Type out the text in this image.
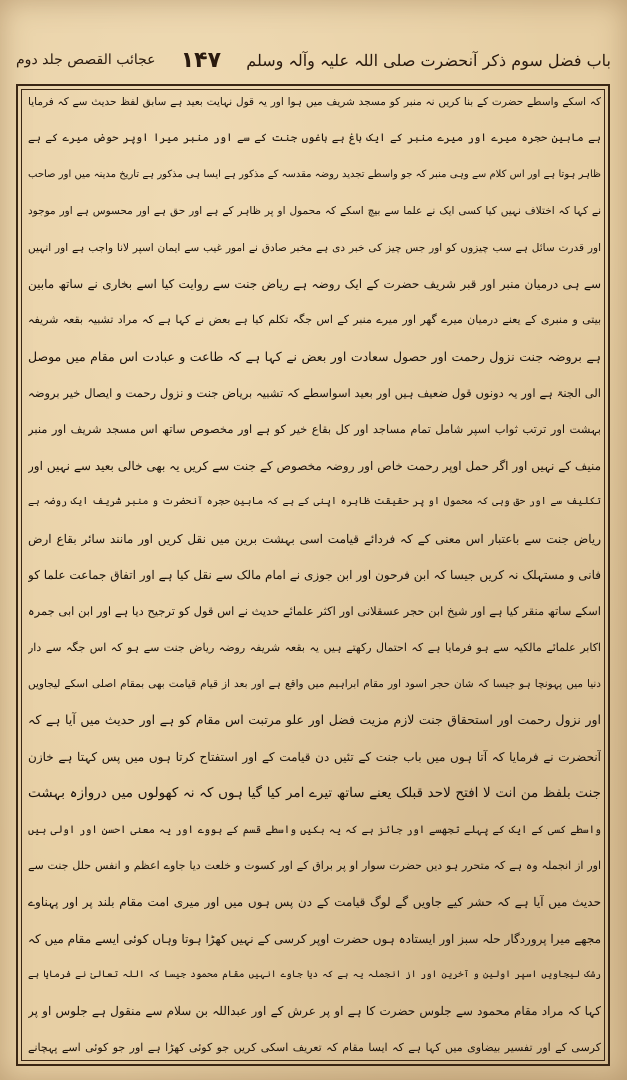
باب فضل سوم ذکر آنحضرت صلی اللہ علیہ وآلہ وسلم
۱۴۷
عجائب القصص جلد دوم
کہ اسکے واسطے حضرت کے بنا کریں نہ منبر کو مسجد شریف میں ہوا اور یہ قول نہایت بعید ہے سابق لفظ حدیث سے کہ فرمایا
ہے مابین حجرہ میرے اور میرے منبر کے ایک باغ ہے باغوں جنت کے سے اور منبر میرا اوپر حوض میرے کے ہے
ظاہر ہوتا ہے اور اس کلام سے وہی منبر کہ جو واسطے تجدید روضہ مقدسہ کے مذکور ہے ایسا ہی مذکور ہے تاریخ مدینہ میں اور صاحب
نے کہا کہ اختلاف نہیں کیا کسی ایک نے علما سے بیچ اسکے کہ محمول او پر ظاہر کے ہے اور حق ہے اور محسوس ہے اور موجود
اور قدرت سائل ہے سب چیزوں کو اور جس چیز کی خبر دی ہے مخبر صادق نے امور غیب سے ایمان اسپر لانا واجب ہے اور انہیں
سے ہی درمیان منبر اور قبر شریف حضرت کے ایک روضہ ہے ریاض جنت سے روایت کیا اسے بخاری نے ساتھ مابین
بیتی و منبری کے یعنے درمیان میرے گھر اور میرے منبر کے اس جگہ تکلم کیا ہے بعض نے کہا ہے کہ مراد تشبیہ بقعہ شریفہ
ہے بروضہ جنت نزول رحمت اور حصول سعادت اور بعض نے کہا ہے کہ طاعت و عبادت اس مقام میں موصل
الی الجنۃ ہے اور یہ دونوں قول ضعیف ہیں اور بعید اسواسطے کہ تشبیہ بریاض جنت و نزول رحمت و ایصال خیر بروضہ
بہشت اور ترتب ثواب اسپر شامل تمام مساجد اور کل بقاع خیر کو ہے اور مخصوص ساتھ اس مسجد شریف اور منبر
منیف کے نہیں اور اگر حمل اوپر رحمت خاص اور روضہ مخصوص کے جنت سے کریں یہ بھی خالی بعید سے نہیں اور
تکلیف سے اور حق وہی کہ محمول او پر حقیقت ظاہرہ اپنی کے ہے کہ مابین حجرہ آنحضرت و منبر شریف ایک روضہ ہے
ریاض جنت سے باعتبار اس معنی کے کہ فردائے قیامت اسی بہشت برین میں نقل کریں اور مانند سائر بقاع ارض
فانی و مستہلک نہ کریں جیسا کہ ابن فرحون اور ابن جوزی نے امام مالک سے نقل کیا ہے اور اتفاق جماعت علما کو
اسکے ساتھ منقر کیا ہے اور شیخ ابن حجر عسقلانی اور اکثر علمائے حدیث نے اس قول کو ترجیح دیا ہے اور ابن ابی جمرہ
اکابر علمائے مالکیہ سے ہو فرمایا ہے کہ احتمال رکھتے ہیں یہ بقعہ شریفہ روضہ ریاض جنت سے ہو کہ اس جگہ سے دار
دنیا میں پہونچا ہو جیسا کہ شان حجر اسود اور مقام ابراہیم میں واقع ہے اور بعد از قیام قیامت بھی بمقام اصلی اسکے لیجاویں
اور نزول رحمت اور استحقاق جنت لازم مزیت فضل اور علو مرتبت اس مقام کو ہے اور حدیث میں آیا ہے کہ
آنحضرت نے فرمایا کہ آتا ہوں میں باب جنت کے تئیں دن قیامت کے اور استفتاح کرتا ہوں میں پس کہتا ہے خازن
جنت بلفظ من انت لا افتح لاحد قبلک یعنے ساتھ تیرے امر کیا گیا ہوں کہ نہ کھولوں میں دروازہ بہشت
واسطے کسی کے ایک کے پہلے تجھسے اور جائز ہے کہ یہ بکیں واسطے قسم کے ہووے اور یہ معنی احسن اور اولی ہیں
اور از انجملہ وہ ہے کہ متحرر ہو دیں حضرت سوار او پر براق کے اور کسوت و خلعت دیا جاوے اعظم و انفس حلل جنت سے
حدیث میں آیا ہے کہ حشر کیے جاویں گے لوگ قیامت کے دن پس ہوں میں اور میری امت مقام بلند پر اور پہناوے
مجھے میرا پروردگار حلہ سبز اور ایستادہ ہوں حضرت اوپر کرسی کے نہیں کھڑا ہوتا وہاں کوئی ایسے مقام میں کہ
رشک لیجاویں اسپر اولین و آخرین اور از انجملہ یہ ہے کہ دیا جاوے انہیں مقام محمود جیسا کہ اللہ تعالیٰ نے فرمایا ہے
کہا کہ مراد مقام محمود سے جلوس حضرت کا ہے او پر عرش کے اور عبداللہ بن سلام سے منقول ہے جلوس او پر
کرسی کے اور تفسیر بیضاوی میں کہا ہے کہ ایسا مقام کہ تعریف اسکی کریں جو کوئی کھڑا ہے اور جو کوئی اسے پہچانے
